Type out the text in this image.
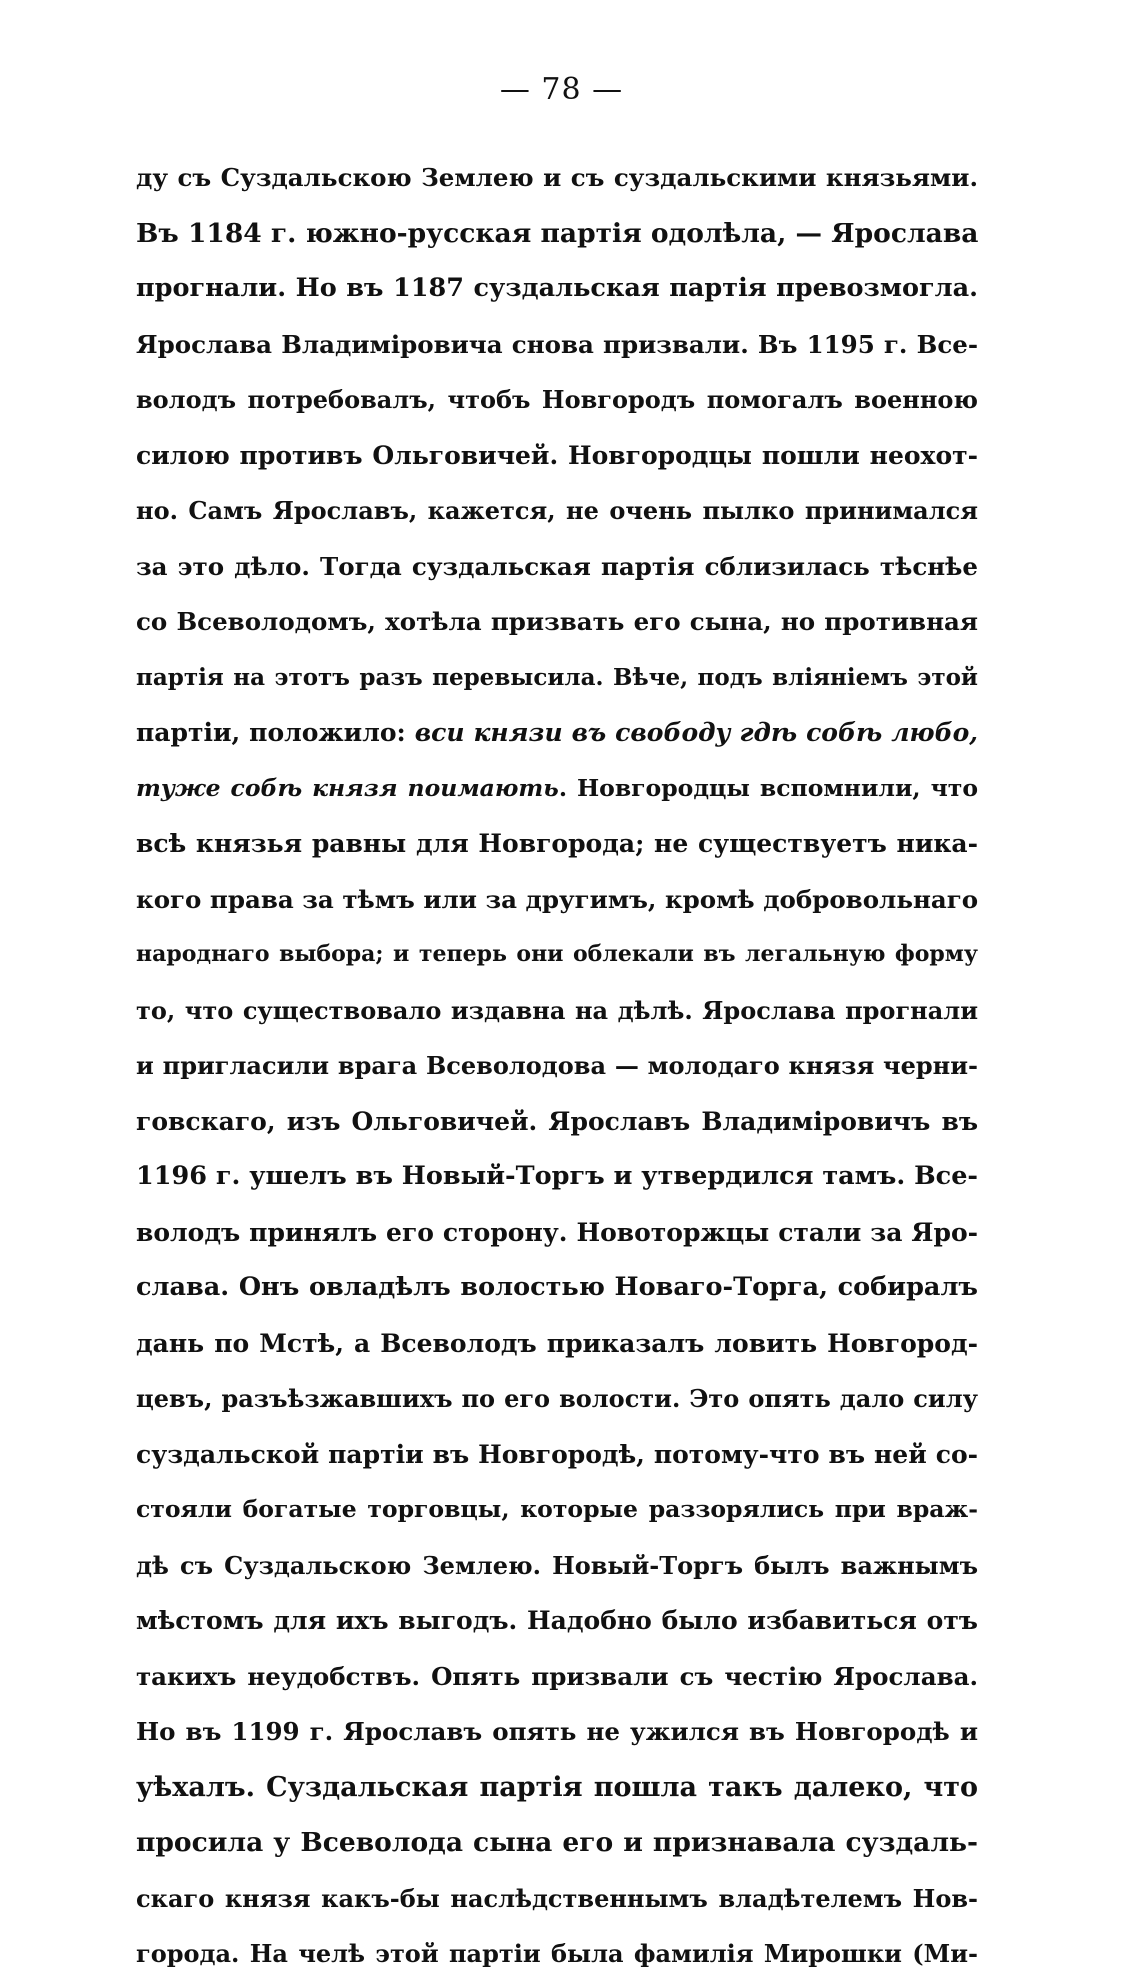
— 78 —
ду съ Суздальскою Землею и съ суздальскими князьями.
Въ 1184 г. южно-русская партія одолѣла, — Ярослава
прогнали. Но въ 1187 суздальская партія превозмогла.
Ярослава Владиміровича снова призвали. Въ 1195 г. Все-
володъ потребовалъ, чтобъ Новгородъ помогалъ военною
силою противъ Ольговичей. Новгородцы пошли неохот-
но. Самъ Ярославъ, кажется, не очень пылко принимался
за это дѣло. Тогда суздальская партія сблизилась тѣснѣе
со Всеволодомъ, хотѣла призвать его сына, но противная
партія на этотъ разъ перевысила. Вѣче, подъ вліяніемъ этой
партіи, положило: вси князи въ свободу гдѣ собѣ любо,
тужe собѣ князя поимають. Новгородцы вспомнили, что
всѣ князья равны для Новгорода; не существуетъ ника-
кого права за тѣмъ или за другимъ, кромѣ добровольнаго
народнаго выбора; и теперь они облекали въ легальную форму
то, что существовало издавна на дѣлѣ. Ярослава прогнали
и пригласили врага Всеволодова — молодаго князя черни-
говскаго, изъ Ольговичей. Ярославъ Владиміровичъ въ
1196 г. ушелъ въ Новый-Торгъ и утвердился тамъ. Все-
володъ принялъ его сторону. Новоторжцы стали за Яро-
слава. Онъ овладѣлъ волостью Новаго-Торга, собиралъ
дань по Мстѣ, а Всеволодъ приказалъ ловить Новгород-
цевъ, разъѣзжавшихъ по его волости. Это опять дало силу
суздальской партіи въ Новгородѣ, потому-что въ ней со-
стояли богатые торговцы, которые раззорялись при враж-
дѣ съ Суздальскою Землею. Новый-Торгъ былъ важнымъ
мѣстомъ для ихъ выгодъ. Надобно было избавиться отъ
такихъ неудобствъ. Опять призвали съ честію Ярослава.
Но въ 1199 г. Ярославъ опять не ужился въ Новгородѣ и
уѣхалъ. Суздальская партія пошла такъ далеко, что
просила у Всеволода сына его и признавала суздаль-
скаго князя какъ-бы наслѣдственнымъ владѣтелемъ Нов-
города. На челѣ этой партіи была фамилія Мирошки (Ми-
